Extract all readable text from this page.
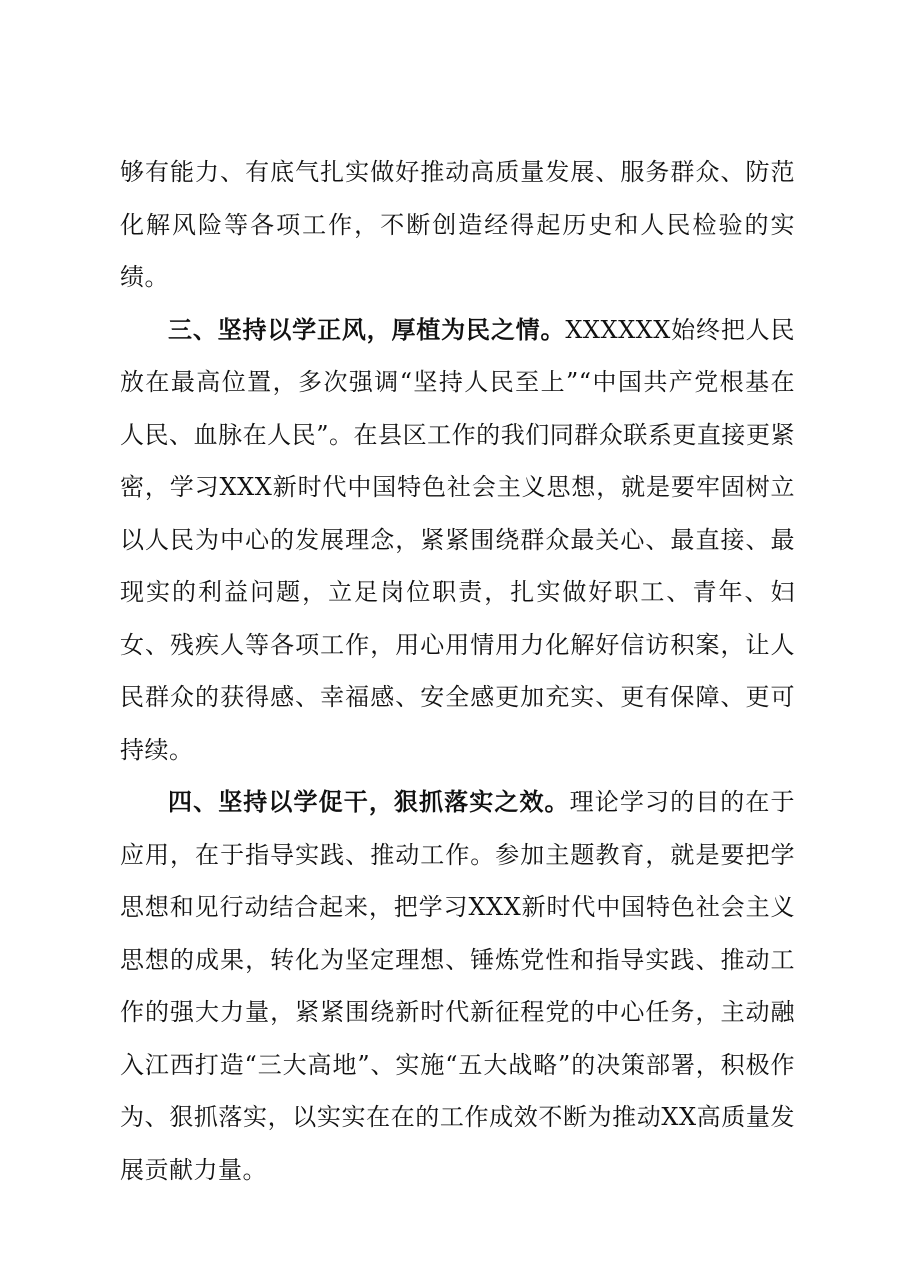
够有能力、有底气扎实做好推动高质量发展、服务群众、防范化解风险等各项工作，不断创造经得起历史和人民检验的实绩。

三、坚持以学正风，厚植为民之情。XXXXXX始终把人民放在最高位置，多次强调“坚持人民至上”“中国共产党根基在人民、血脉在人民”。在县区工作的我们同群众联系更直接更紧密，学习XXX新时代中国特色社会主义思想，就是要牢固树立以人民为中心的发展理念，紧紧围绕群众最关心、最直接、最现实的利益问题，立足岗位职责，扎实做好职工、青年、妇女、残疾人等各项工作，用心用情用力化解好信访积案，让人民群众的获得感、幸福感、安全感更加充实、更有保障、更可持续。

四、坚持以学促干，狠抓落实之效。理论学习的目的在于应用，在于指导实践、推动工作。参加主题教育，就是要把学思想和见行动结合起来，把学习XXX新时代中国特色社会主义思想的成果，转化为坚定理想、锤炼党性和指导实践、推动工作的强大力量，紧紧围绕新时代新征程党的中心任务，主动融入江西打造“三大高地”、实施“五大战略”的决策部署，积极作为、狠抓落实，以实实在在的工作成效不断为推动XX高质量发展贡献力量。
